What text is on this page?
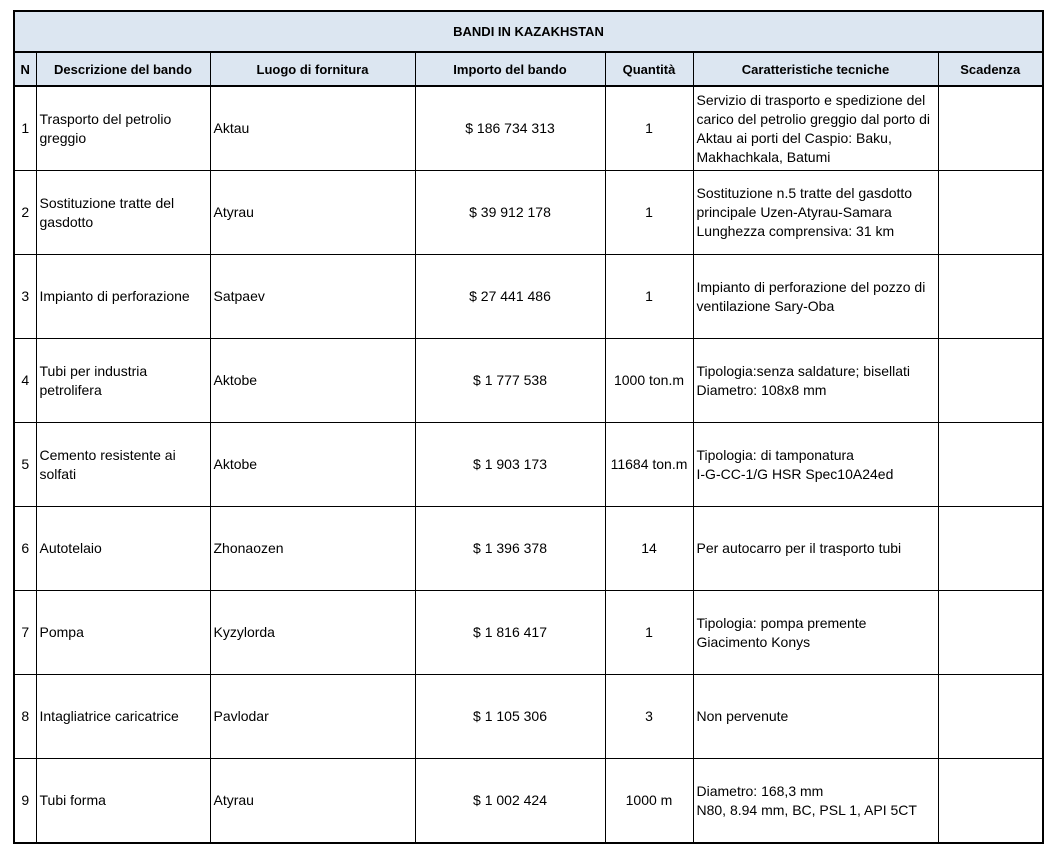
BANDI IN KAZAKHSTAN						
N	Descrizione del bando	Luogo di fornitura	Importo del bando	Quantità	Caratteristiche tecniche	Scadenza
1	Trasporto del petrolio greggio	Aktau	$ 186 734 313	1	Servizio di trasporto e spedizione del carico del petrolio greggio dal porto di Aktau ai porti del Caspio: Baku, Makhachkala, Batumi	
2	Sostituzione tratte del gasdotto	Atyrau	$ 39 912 178	1	Sostituzione n.5 tratte del gasdotto principale Uzen-Atyrau-Samara
Lunghezza comprensiva: 31 km	
3	Impianto di perforazione	Satpaev	$ 27 441 486	1	Impianto di perforazione del pozzo di ventilazione Sary-Oba	
4	Tubi per industria petrolifera	Aktobe	$ 1 777 538	1000 ton.m	Tipologia:senza saldature; bisellati
Diametro: 108x8 mm	
5	Cemento resistente ai solfati	Aktobe	$ 1 903 173	11684 ton.m	Tipologia: di tamponatura
I-G-CC-1/G HSR Spec10A24ed	
6	Autotelaio	Zhonaozen	$ 1 396 378	14	Per autocarro per il trasporto tubi	
7	Pompa	Kyzylorda	$ 1 816 417	1	Tipologia: pompa premente
Giacimento Konys	
8	Intagliatrice caricatrice	Pavlodar	$ 1 105 306	3	Non pervenute	
9	Tubi forma	Atyrau	$ 1 002 424	1000 m	Diametro: 168,3 mm
N80, 8.94 mm, BC, PSL 1, API 5CT	
